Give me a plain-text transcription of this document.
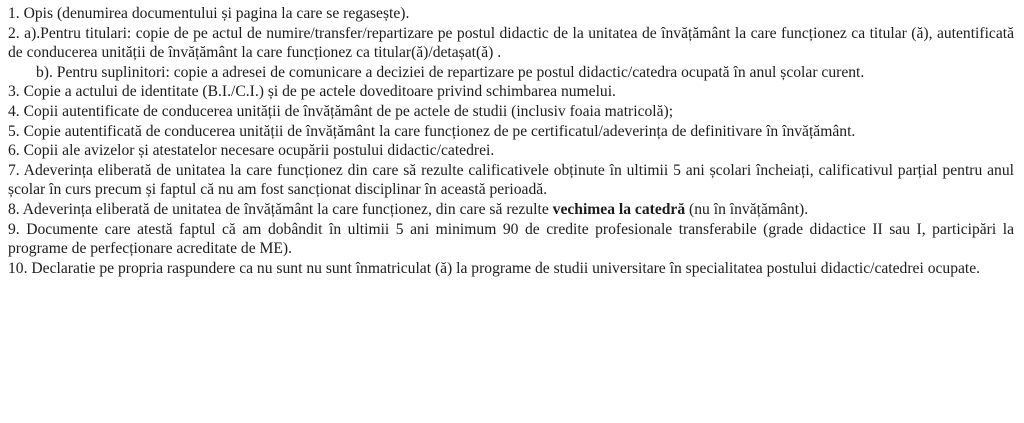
1. Opis (denumirea documentului și pagina la care se regasește).

2. a).Pentru titulari: copie de pe actul de numire/transfer/repartizare pe postul didactic de la unitatea de învățământ la care funcționez ca titular (ă), autentificată de conducerea unității de învățământ la care funcționez ca titular(ă)/detașat(ă) .

b). Pentru suplinitori: copie a adresei de comunicare a deciziei de repartizare pe postul didactic/catedra ocupată în anul școlar curent.

3. Copie a actului de identitate (B.I./C.I.) și de pe actele doveditoare privind schimbarea numelui.

4. Copii autentificate de conducerea unității de învățământ de pe actele de studii (inclusiv foaia matricolă);

5. Copie autentificată de conducerea unității de învățământ la care funcționez de pe certificatul/adeverința de definitivare în învățământ.

6. Copii ale avizelor și atestatelor necesare ocupării postului didactic/catedrei.

7. Adeverința eliberată de unitatea la care funcționez din care să rezulte calificativele obținute în ultimii 5 ani școlari încheiați, calificativul parțial pentru anul școlar în curs precum și faptul că nu am fost sancționat disciplinar în această perioadă.

8. Adeverința eliberată de unitatea de învățământ la care funcționez, din care să rezulte vechimea la catedră (nu în învățământ).

9. Documente care atestă faptul că am dobândit în ultimii 5 ani minimum 90 de credite profesionale transferabile (grade didactice II sau I, participări la programe de perfecționare acreditate de ME).

10. Declaratie pe propria raspundere ca nu sunt nu sunt înmatriculat (ă) la programe de studii universitare în specialitatea postului didactic/catedrei ocupate.
